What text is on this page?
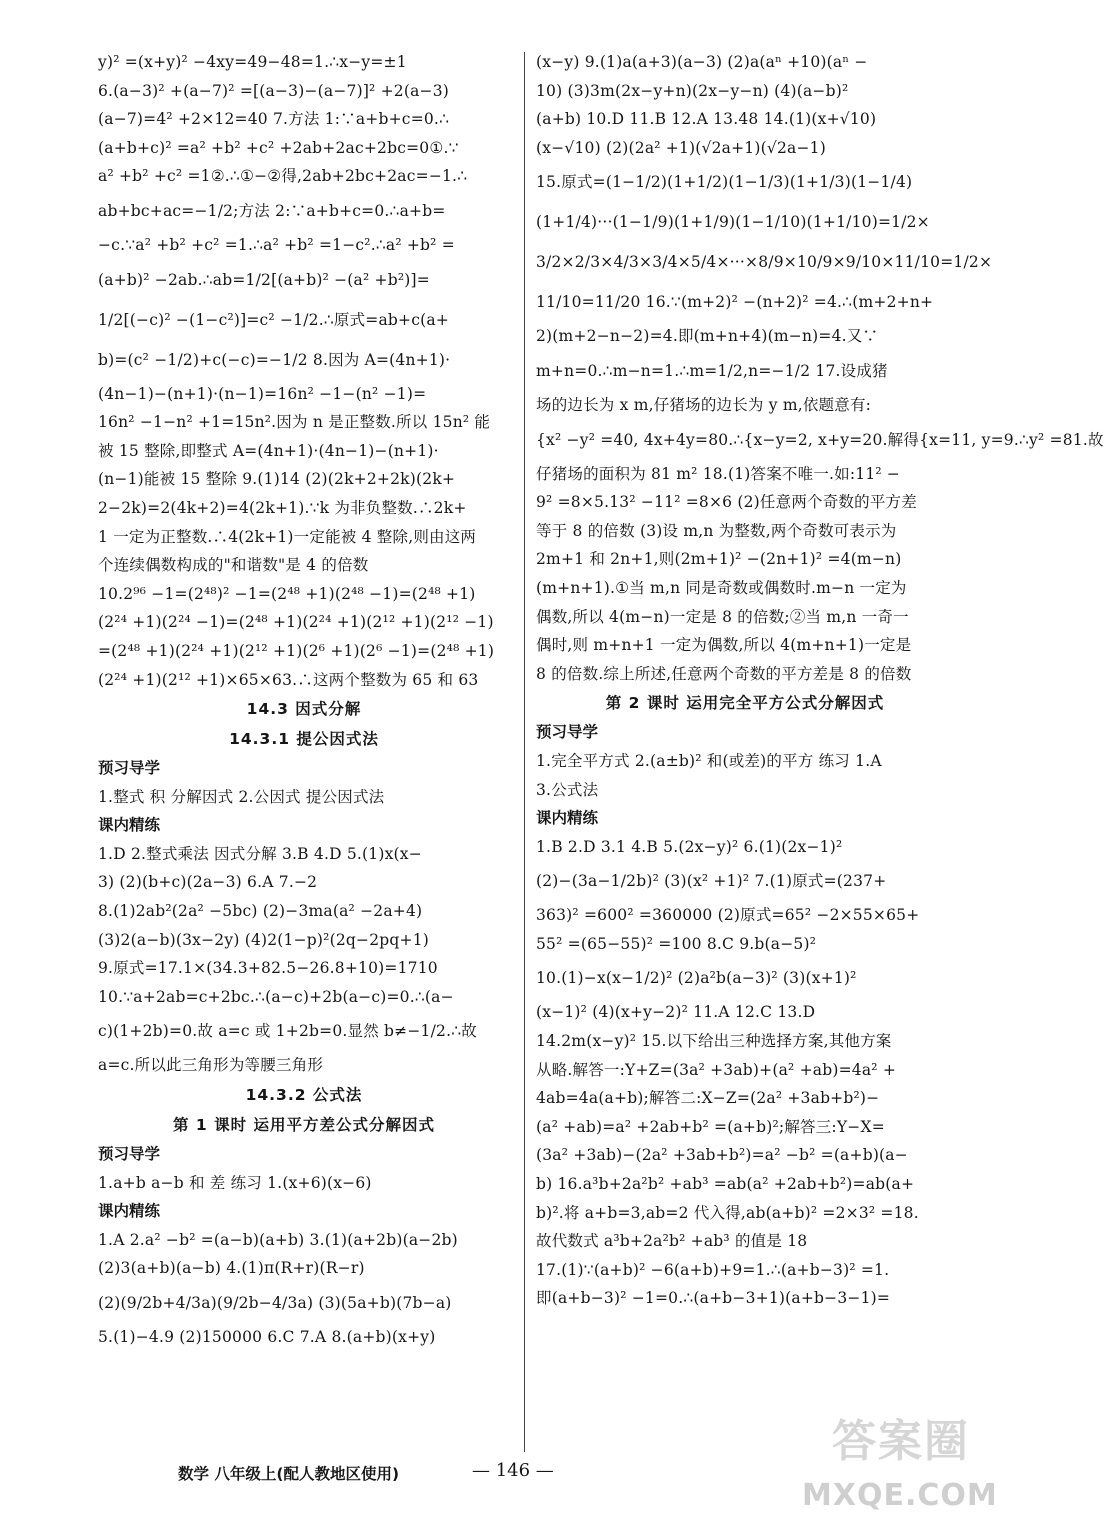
y)² =(x+y)² −4xy=49−48=1.∴x−y=±1
6.(a−3)² +(a−7)² =[(a−3)−(a−7)]² +2(a−3)
(a−7)=4² +2×12=40 7.方法 1:∵a+b+c=0.∴
(a+b+c)² =a² +b² +c² +2ab+2ac+2bc=0①.∵
a² +b² +c² =1②.∴①−②得,2ab+2bc+2ac=−1.∴
ab+bc+ac=−1/2;方法 2:∵a+b+c=0.∴a+b=
−c.∵a² +b² +c² =1.∴a² +b² =1−c².∴a² +b² =
(a+b)² −2ab.∴ab=1/2[(a+b)² −(a² +b²)]=
1/2[(−c)² −(1−c²)]=c² −1/2.∴原式=ab+c(a+
b)=(c² −1/2)+c(−c)=−1/2 8.因为 A=(4n+1)·
(4n−1)−(n+1)·(n−1)=16n² −1−(n² −1)=
16n² −1−n² +1=15n².因为 n 是正整数.所以 15n² 能
被 15 整除,即整式 A=(4n+1)·(4n−1)−(n+1)·
(n−1)能被 15 整除 9.(1)14 (2)(2k+2+2k)(2k+
2−2k)=2(4k+2)=4(2k+1).∵k 为非负整数.∴2k+
1 一定为正整数.∴4(2k+1)一定能被 4 整除,则由这两
个连续偶数构成的"和谐数"是 4 的倍数
10.2⁹⁶ −1=(2⁴⁸)² −1=(2⁴⁸ +1)(2⁴⁸ −1)=(2⁴⁸ +1)
(2²⁴ +1)(2²⁴ −1)=(2⁴⁸ +1)(2²⁴ +1)(2¹² +1)(2¹² −1)
=(2⁴⁸ +1)(2²⁴ +1)(2¹² +1)(2⁶ +1)(2⁶ −1)=(2⁴⁸ +1)
(2²⁴ +1)(2¹² +1)×65×63.∴这两个整数为 65 和 63
14.3 因式分解
14.3.1 提公因式法
预习导学
1.整式 积 分解因式 2.公因式 提公因式法
课内精练
1.D 2.整式乘法 因式分解 3.B 4.D 5.(1)x(x−
3) (2)(b+c)(2a−3) 6.A 7.−2
8.(1)2ab²(2a² −5bc) (2)−3ma(a² −2a+4)
(3)2(a−b)(3x−2y) (4)2(1−p)²(2q−2pq+1)
9.原式=17.1×(34.3+82.5−26.8+10)=1710
10.∵a+2ab=c+2bc.∴(a−c)+2b(a−c)=0.∴(a−
c)(1+2b)=0.故 a=c 或 1+2b=0.显然 b≠−1/2.∴故
a=c.所以此三角形为等腰三角形
14.3.2 公式法
第 1 课时 运用平方差公式分解因式
预习导学
1.a+b a−b 和 差 练习 1.(x+6)(x−6)
课内精练
1.A 2.a² −b² =(a−b)(a+b) 3.(1)(a+2b)(a−2b)
(2)3(a+b)(a−b) 4.(1)π(R+r)(R−r)
(2)(9/2b+4/3a)(9/2b−4/3a) (3)(5a+b)(7b−a)
5.(1)−4.9 (2)150000 6.C 7.A 8.(a+b)(x+y)
(x−y) 9.(1)a(a+3)(a−3) (2)a(aⁿ +10)(aⁿ −
10) (3)3m(2x−y+n)(2x−y−n) (4)(a−b)²
(a+b) 10.D 11.B 12.A 13.48 14.(1)(x+√10)
(x−√10) (2)(2a² +1)(√2a+1)(√2a−1)
15.原式=(1−1/2)(1+1/2)(1−1/3)(1+1/3)(1−1/4)
(1+1/4)···(1−1/9)(1+1/9)(1−1/10)(1+1/10)=1/2×
3/2×2/3×4/3×3/4×5/4×···×8/9×10/9×9/10×11/10=1/2×
11/10=11/20 16.∵(m+2)² −(n+2)² =4.∴(m+2+n+
2)(m+2−n−2)=4.即(m+n+4)(m−n)=4.又∵
m+n=0.∴m−n=1.∴m=1/2,n=−1/2 17.设成猪
场的边长为 x m,仔猪场的边长为 y m,依题意有:
{x² −y² =40, 4x+4y=80.∴{x−y=2, x+y=20.解得{x=11, y=9.∴y² =81.故
仔猪场的面积为 81 m² 18.(1)答案不唯一.如:11² −
9² =8×5.13² −11² =8×6 (2)任意两个奇数的平方差
等于 8 的倍数 (3)设 m,n 为整数,两个奇数可表示为
2m+1 和 2n+1,则(2m+1)² −(2n+1)² =4(m−n)
(m+n+1).①当 m,n 同是奇数或偶数时.m−n 一定为
偶数,所以 4(m−n)一定是 8 的倍数;②当 m,n 一奇一
偶时,则 m+n+1 一定为偶数,所以 4(m+n+1)一定是
8 的倍数.综上所述,任意两个奇数的平方差是 8 的倍数
第 2 课时 运用完全平方公式分解因式
预习导学
1.完全平方式 2.(a±b)² 和(或差)的平方 练习 1.A
3.公式法
课内精练
1.B 2.D 3.1 4.B 5.(2x−y)² 6.(1)(2x−1)²
(2)−(3a−1/2b)² (3)(x² +1)² 7.(1)原式=(237+
363)² =600² =360000 (2)原式=65² −2×55×65+
55² =(65−55)² =100 8.C 9.b(a−5)²
10.(1)−x(x−1/2)² (2)a²b(a−3)² (3)(x+1)²
(x−1)² (4)(x+y−2)² 11.A 12.C 13.D
14.2m(x−y)² 15.以下给出三种选择方案,其他方案
从略.解答一:Y+Z=(3a² +3ab)+(a² +ab)=4a² +
4ab=4a(a+b);解答二:X−Z=(2a² +3ab+b²)−
(a² +ab)=a² +2ab+b² =(a+b)²;解答三:Y−X=
(3a² +3ab)−(2a² +3ab+b²)=a² −b² =(a+b)(a−
b) 16.a³b+2a²b² +ab³ =ab(a² +2ab+b²)=ab(a+
b)².将 a+b=3,ab=2 代入得,ab(a+b)² =2×3² =18.
故代数式 a³b+2a²b² +ab³ 的值是 18
17.(1)∵(a+b)² −6(a+b)+9=1.∴(a+b−3)² =1.
即(a+b−3)² −1=0.∴(a+b−3+1)(a+b−3−1)=
数学 八年级上(配人教地区使用)	— 146 —
答案圈
MXQE.COM
